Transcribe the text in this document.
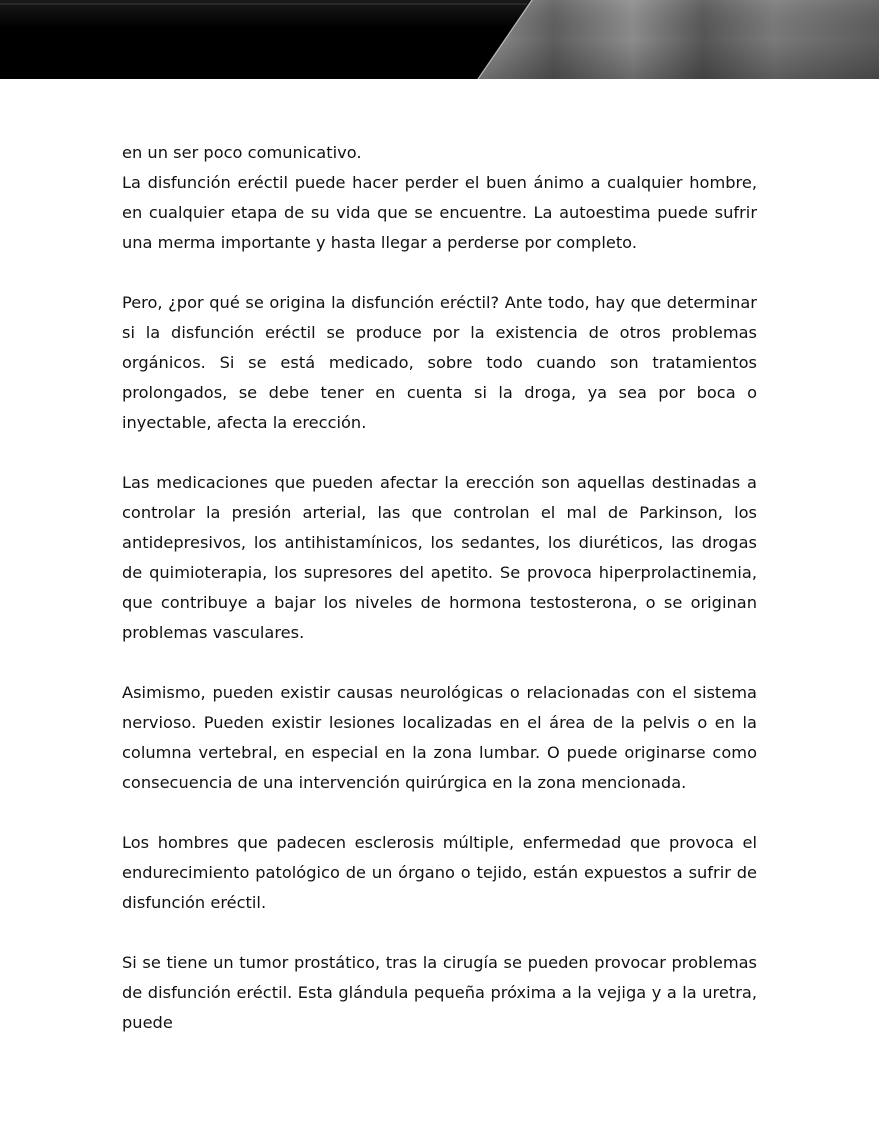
en un ser poco comunicativo.

La disfunción eréctil puede hacer perder el buen ánimo a cualquier hombre, en cualquier etapa de su vida que se encuentre. La autoestima puede sufrir una merma importante y hasta llegar a perderse por completo.

Pero, ¿por qué se origina la disfunción eréctil? Ante todo, hay que determinar si la disfunción eréctil se produce por la existencia de otros problemas orgánicos. Si se está medicado, sobre todo cuando son tratamientos prolongados, se debe tener en cuenta si la droga, ya sea por boca o inyectable, afecta la erección.

Las medicaciones que pueden afectar la erección son aquellas destinadas a controlar la presión arterial, las que controlan el mal de Parkinson, los antidepresivos, los antihistamínicos, los sedantes, los diuréticos, las drogas de quimioterapia, los supresores del apetito. Se provoca hiperprolactinemia, que contribuye a bajar los niveles de hormona testosterona, o se originan problemas vasculares.

Asimismo, pueden existir causas neurológicas o relacionadas con el sistema nervioso. Pueden existir lesiones localizadas en el área de la pelvis o en la columna vertebral, en especial en la zona lumbar. O puede originarse como consecuencia de una intervención quirúrgica en la zona mencionada.

Los hombres que padecen esclerosis múltiple, enfermedad que provoca el endurecimiento patológico de un órgano o tejido, están expuestos a sufrir de disfunción eréctil.

Si se tiene un tumor prostático, tras la cirugía se pueden provocar problemas de disfunción eréctil. Esta glándula pequeña próxima a la vejiga y a la uretra, puede
